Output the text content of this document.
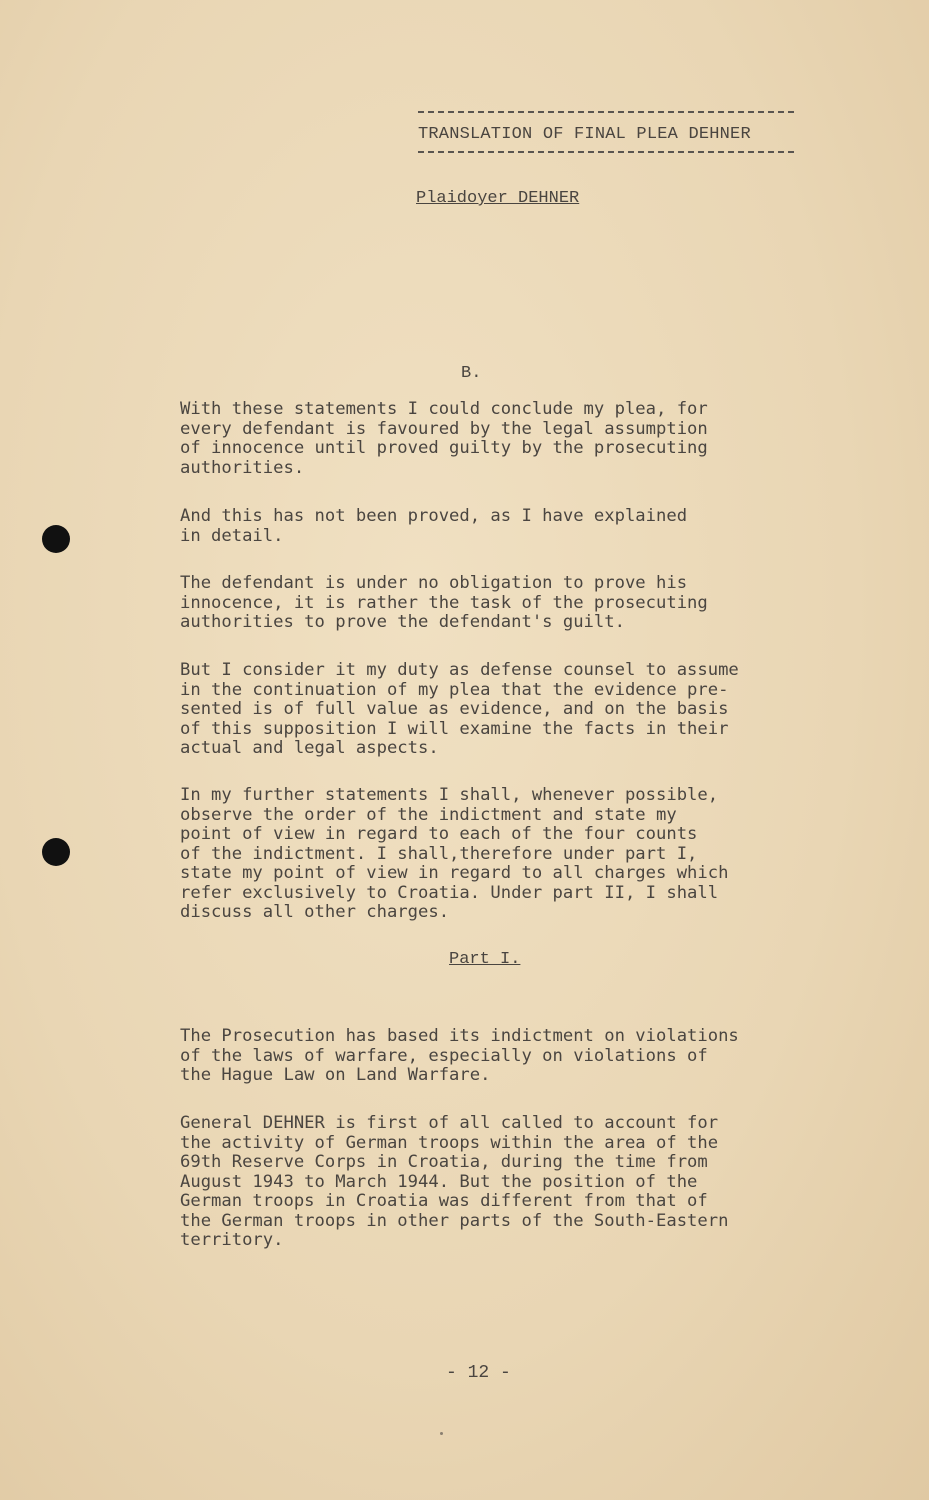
TRANSLATION OF FINAL PLEA DEHNER
Plaidoyer DEHNER
B.
With these statements I could conclude my plea, for
every defendant is favoured by the legal assumption
of innocence until proved guilty by the prosecuting
authorities.
And this has not been proved, as I have explained
in detail.
The defendant is under no obligation to prove his
innocence, it is rather the task of the prosecuting
authorities to prove the defendant's guilt.
But I consider it my duty as defense counsel to assume
in the continuation of my plea that the evidence pre-
sented is of full value as evidence, and on the basis
of this supposition I will examine the facts in their
actual and legal aspects.
In my further statements I shall, whenever possible,
observe the order of the indictment and state my
point of view in regard to each of the four counts
of the indictment. I shall,therefore under part I,
state my point of view in regard to all charges which
refer exclusively to Croatia. Under part II, I shall
discuss all other charges.
Part I.
The Prosecution has based its indictment on violations
of the laws of warfare, especially on violations of
the Hague Law on Land Warfare.
General DEHNER is first of all called to account for
the activity of German troops within the area of the
69th Reserve Corps in Croatia, during the time from
August 1943 to March 1944. But the position of the
German troops in Croatia was different from that of
the German troops in other parts of the South-Eastern
territory.
- 12 -
